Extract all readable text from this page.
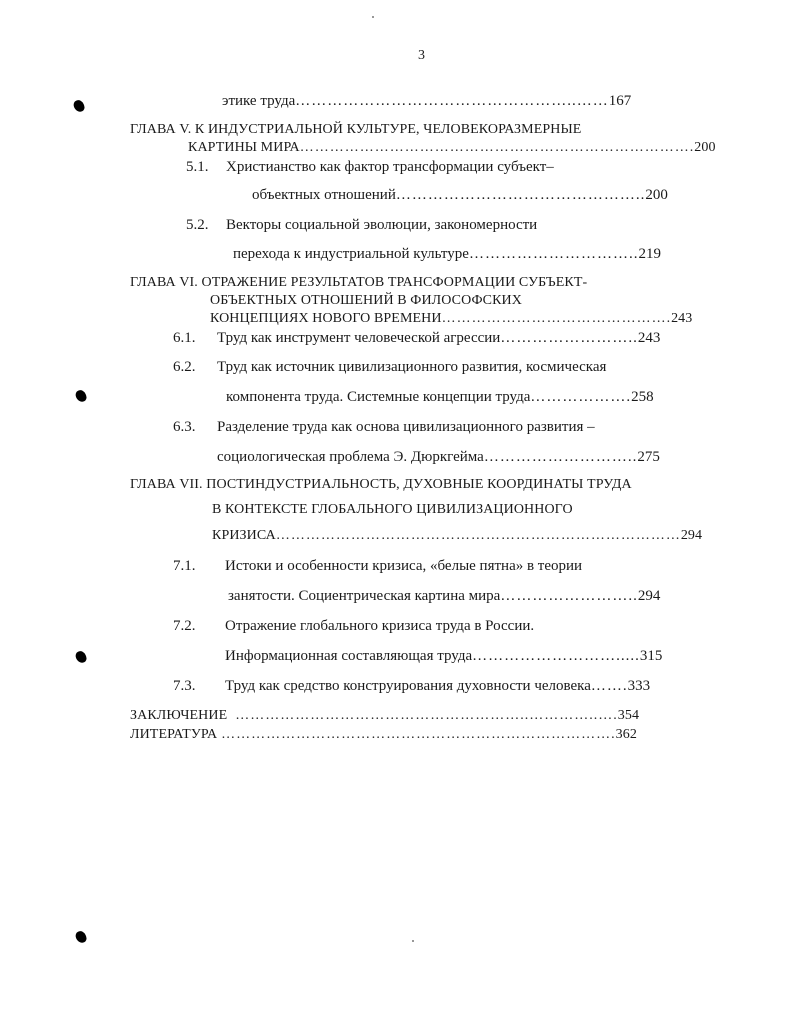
3
этике труда……………………………………………..……167
ГЛАВА V. К ИНДУСТРИАЛЬНОЙ КУЛЬТУРЕ, ЧЕЛОВЕКОРАЗМЕРНЫЕ
КАРТИНЫ МИРА…………………………………………………………………….200
5.1. Христианство как фактор трансформации субъект–
объектных отношений………………………………………..200
5.2. Векторы социальной эволюции, закономерности
перехода к индустриальной культуре…………………………..219
ГЛАВА VI. ОТРАЖЕНИЕ РЕЗУЛЬТАТОВ ТРАНСФОРМАЦИИ СУБЪЕКТ-
ОБЪЕКТНЫХ ОТНОШЕНИЙ В ФИЛОСОФСКИХ
КОНЦЕПЦИЯХ НОВОГО ВРЕМЕНИ……………………………………….243
6.1. Труд как инструмент человеческой агрессии……………………..243
6.2. Труд как источник цивилизационного развития, космическая
компонента труда. Системные концепции труда……………….258
6.3. Разделение труда как основа цивилизационного развития –
социологическая проблема Э. Дюркгейма………………………..275
ГЛАВА VII. ПОСТИНДУСТРИАЛЬНОСТЬ, ДУХОВНЫЕ КООРДИНАТЫ ТРУДА
В КОНТЕКСТЕ ГЛОБАЛЬНОГО ЦИВИЛИЗАЦИОННОГО
КРИЗИСА………………………………………………………………………294
7.1. Истоки и особенности кризиса, «белые пятна» в теории
занятости. Социентрическая картина мира……………………..294
7.2. Отражение глобального кризиса труда в России.
Информационная составляющая труда……………………….....315
7.3. Труд как средство конструирования духовности человека…….333
ЗАКЛЮЧЕНИЕ …………………………………………………..…………..….354
ЛИТЕРАТУРА …………………………………………………………………….362
